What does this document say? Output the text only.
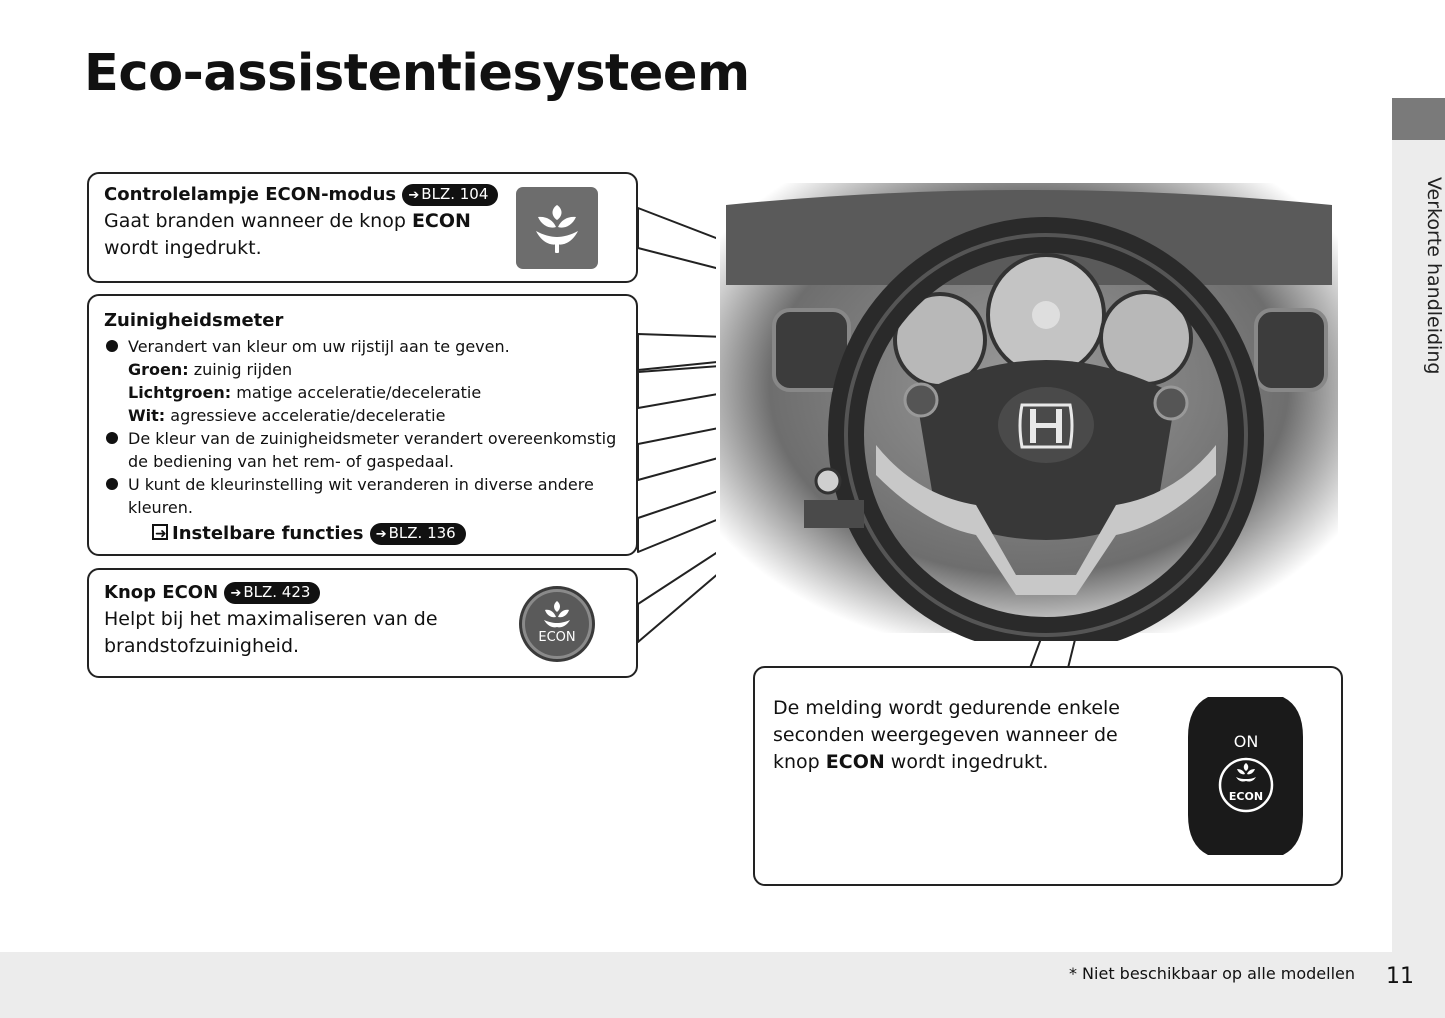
Eco-assistentiesysteem
Verkorte handleiding
* Niet beschikbaar op alle modellen 11
Controlelampje ECON-modus ➔ BLZ. 104
Gaat branden wanneer de knop ECON wordt ingedrukt.
Zuinigheidsmeter
Verandert van kleur om uw rijstijl aan te geven.
Groen: zuinig rijden
Lichtgroen: matige acceleratie/deceleratie
Wit: agressieve acceleratie/deceleratie
De kleur van de zuinigheidsmeter verandert overeenkomstig de bediening van het rem- of gaspedaal.
U kunt de kleurinstelling wit veranderen in diverse andere kleuren.
➜ Instelbare functies ➔ BLZ. 136
Knop ECON ➔ BLZ. 423
Helpt bij het maximaliseren van de brandstofzuinigheid.	ECON
De melding wordt gedurende enkele seconden weergegeven wanneer de knop ECON wordt ingedrukt.
ON
ECON
